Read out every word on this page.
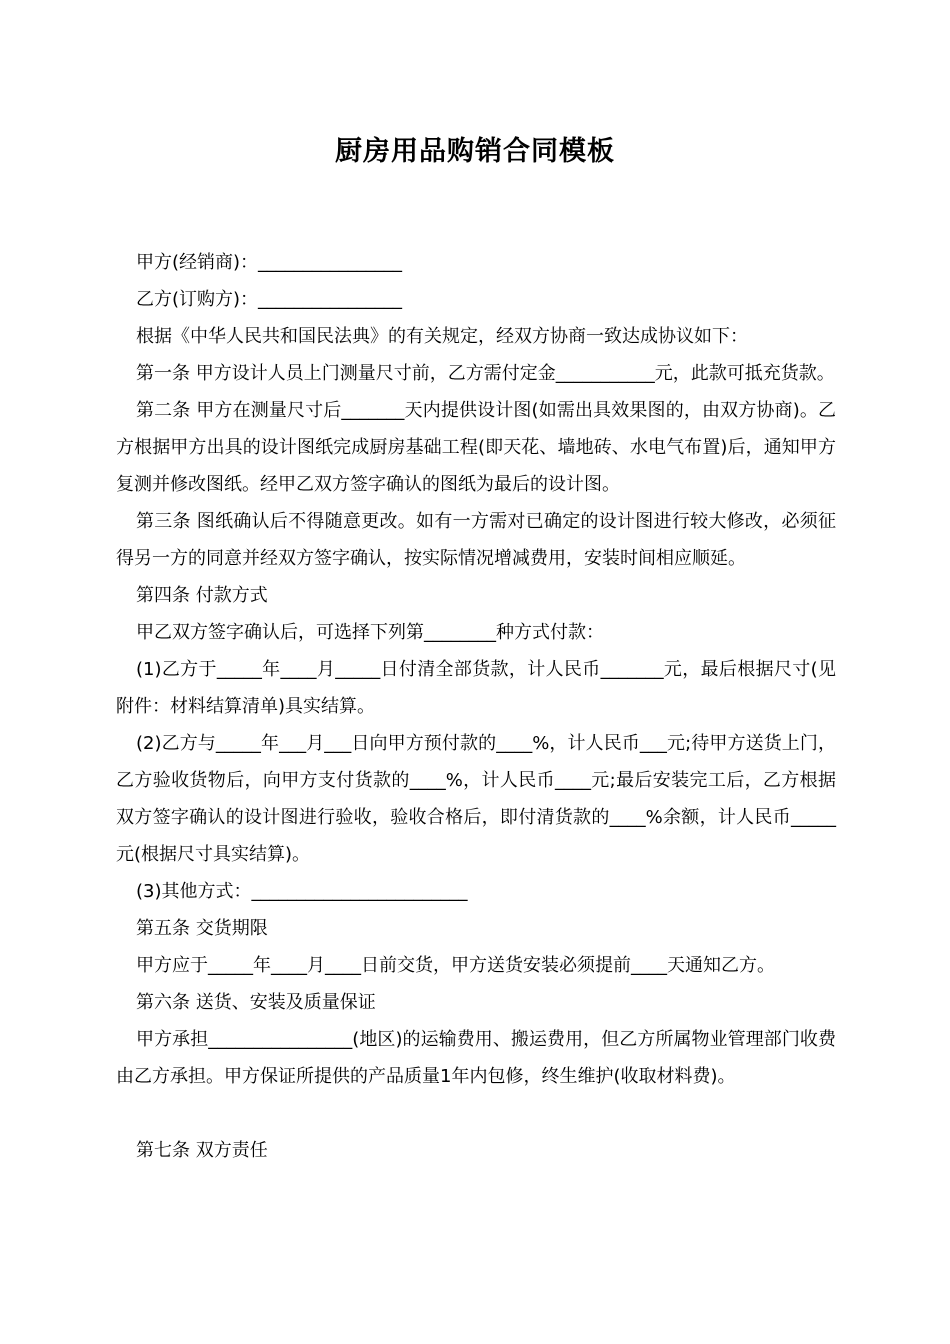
厨房用品购销合同模板

甲方(经销商)：________________

乙方(订购方)：________________

根据《中华人民共和国民法典》的有关规定，经双方协商一致达成协议如下：

第一条 甲方设计人员上门测量尺寸前，乙方需付定金___________元，此款可抵充货款。

第二条 甲方在测量尺寸后_______天内提供设计图(如需出具效果图的，由双方协商)。乙方根据甲方出具的设计图纸完成厨房基础工程(即天花、墙地砖、水电气布置)后，通知甲方复测并修改图纸。经甲乙双方签字确认的图纸为最后的设计图。

第三条 图纸确认后不得随意更改。如有一方需对已确定的设计图进行较大修改，必须征得另一方的同意并经双方签字确认，按实际情况增减费用，安装时间相应顺延。

第四条 付款方式

甲乙双方签字确认后，可选择下列第________种方式付款：

(1)乙方于_____年____月_____日付清全部货款，计人民币_______元，最后根据尺寸(见附件：材料结算清单)具实结算。

(2)乙方与_____年___月___日向甲方预付款的____%，计人民币___元;待甲方送货上门，乙方验收货物后，向甲方支付货款的____%，计人民币____元;最后安装完工后，乙方根据双方签字确认的设计图进行验收，验收合格后，即付清货款的____%余额，计人民币_____元(根据尺寸具实结算)。

(3)其他方式：________________________

第五条 交货期限

甲方应于_____年____月____日前交货，甲方送货安装必须提前____天通知乙方。

第六条 送货、安装及质量保证

甲方承担________________(地区)的运输费用、搬运费用，但乙方所属物业管理部门收费由乙方承担。甲方保证所提供的产品质量1年内包修，终生维护(收取材料费)。

第七条 双方责任
